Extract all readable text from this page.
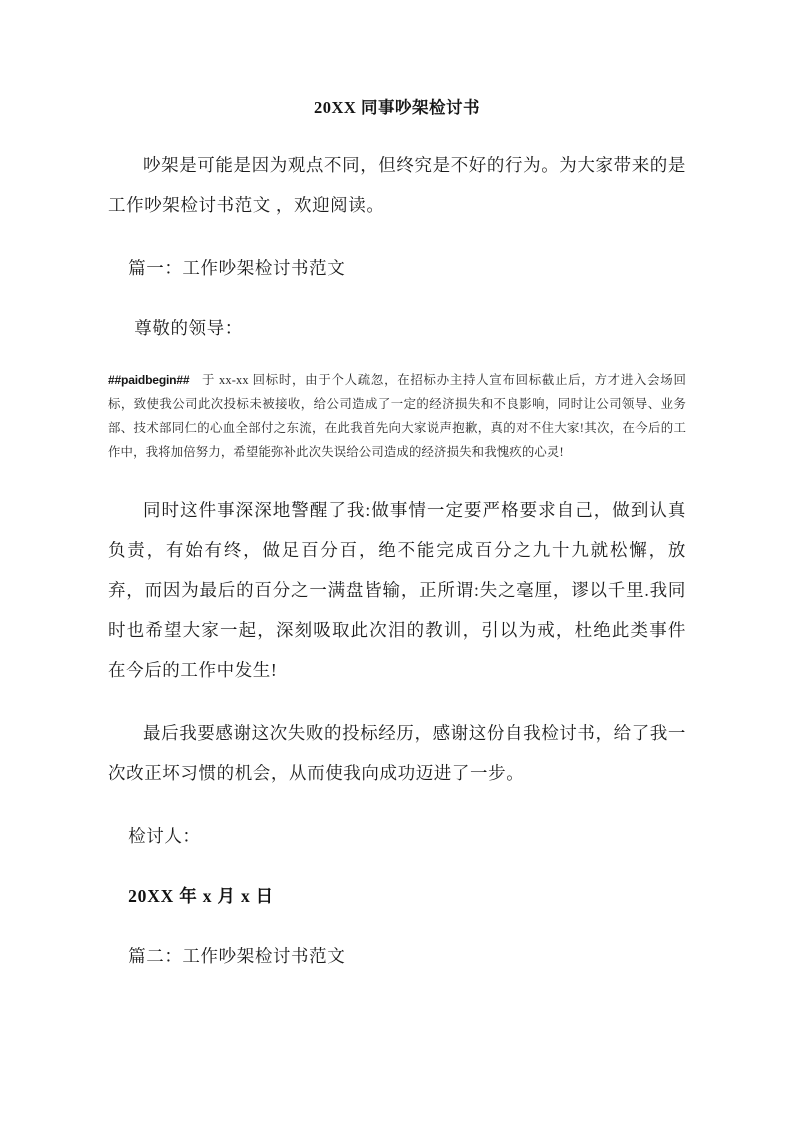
20XX 同事吵架检讨书

吵架是可能是因为观点不同，但终究是不好的行为。为大家带来的是工作吵架检讨书范文 ，欢迎阅读。

篇一：工作吵架检讨书范文

尊敬的领导：

##paidbegin## 于 xx-xx 回标时，由于个人疏忽，在招标办主持人宣布回标截止后，方才进入会场回标，致使我公司此次投标未被接收，给公司造成了一定的经济损失和不良影响，同时让公司领导、业务部、技术部同仁的心血全部付之东流，在此我首先向大家说声抱歉，真的对不住大家!其次，在今后的工作中，我将加倍努力，希望能弥补此次失误给公司造成的经济损失和我愧疚的心灵!

同时这件事深深地警醒了我:做事情一定要严格要求自己，做到认真负责，有始有终，做足百分百，绝不能完成百分之九十九就松懈，放弃，而因为最后的百分之一满盘皆输，正所谓:失之毫厘，谬以千里.我同时也希望大家一起，深刻吸取此次泪的教训，引以为戒，杜绝此类事件在今后的工作中发生!

最后我要感谢这次失败的投标经历，感谢这份自我检讨书，给了我一次改正坏习惯的机会，从而使我向成功迈进了一步。

检讨人：

20XX 年 x 月 x 日

篇二：工作吵架检讨书范文
